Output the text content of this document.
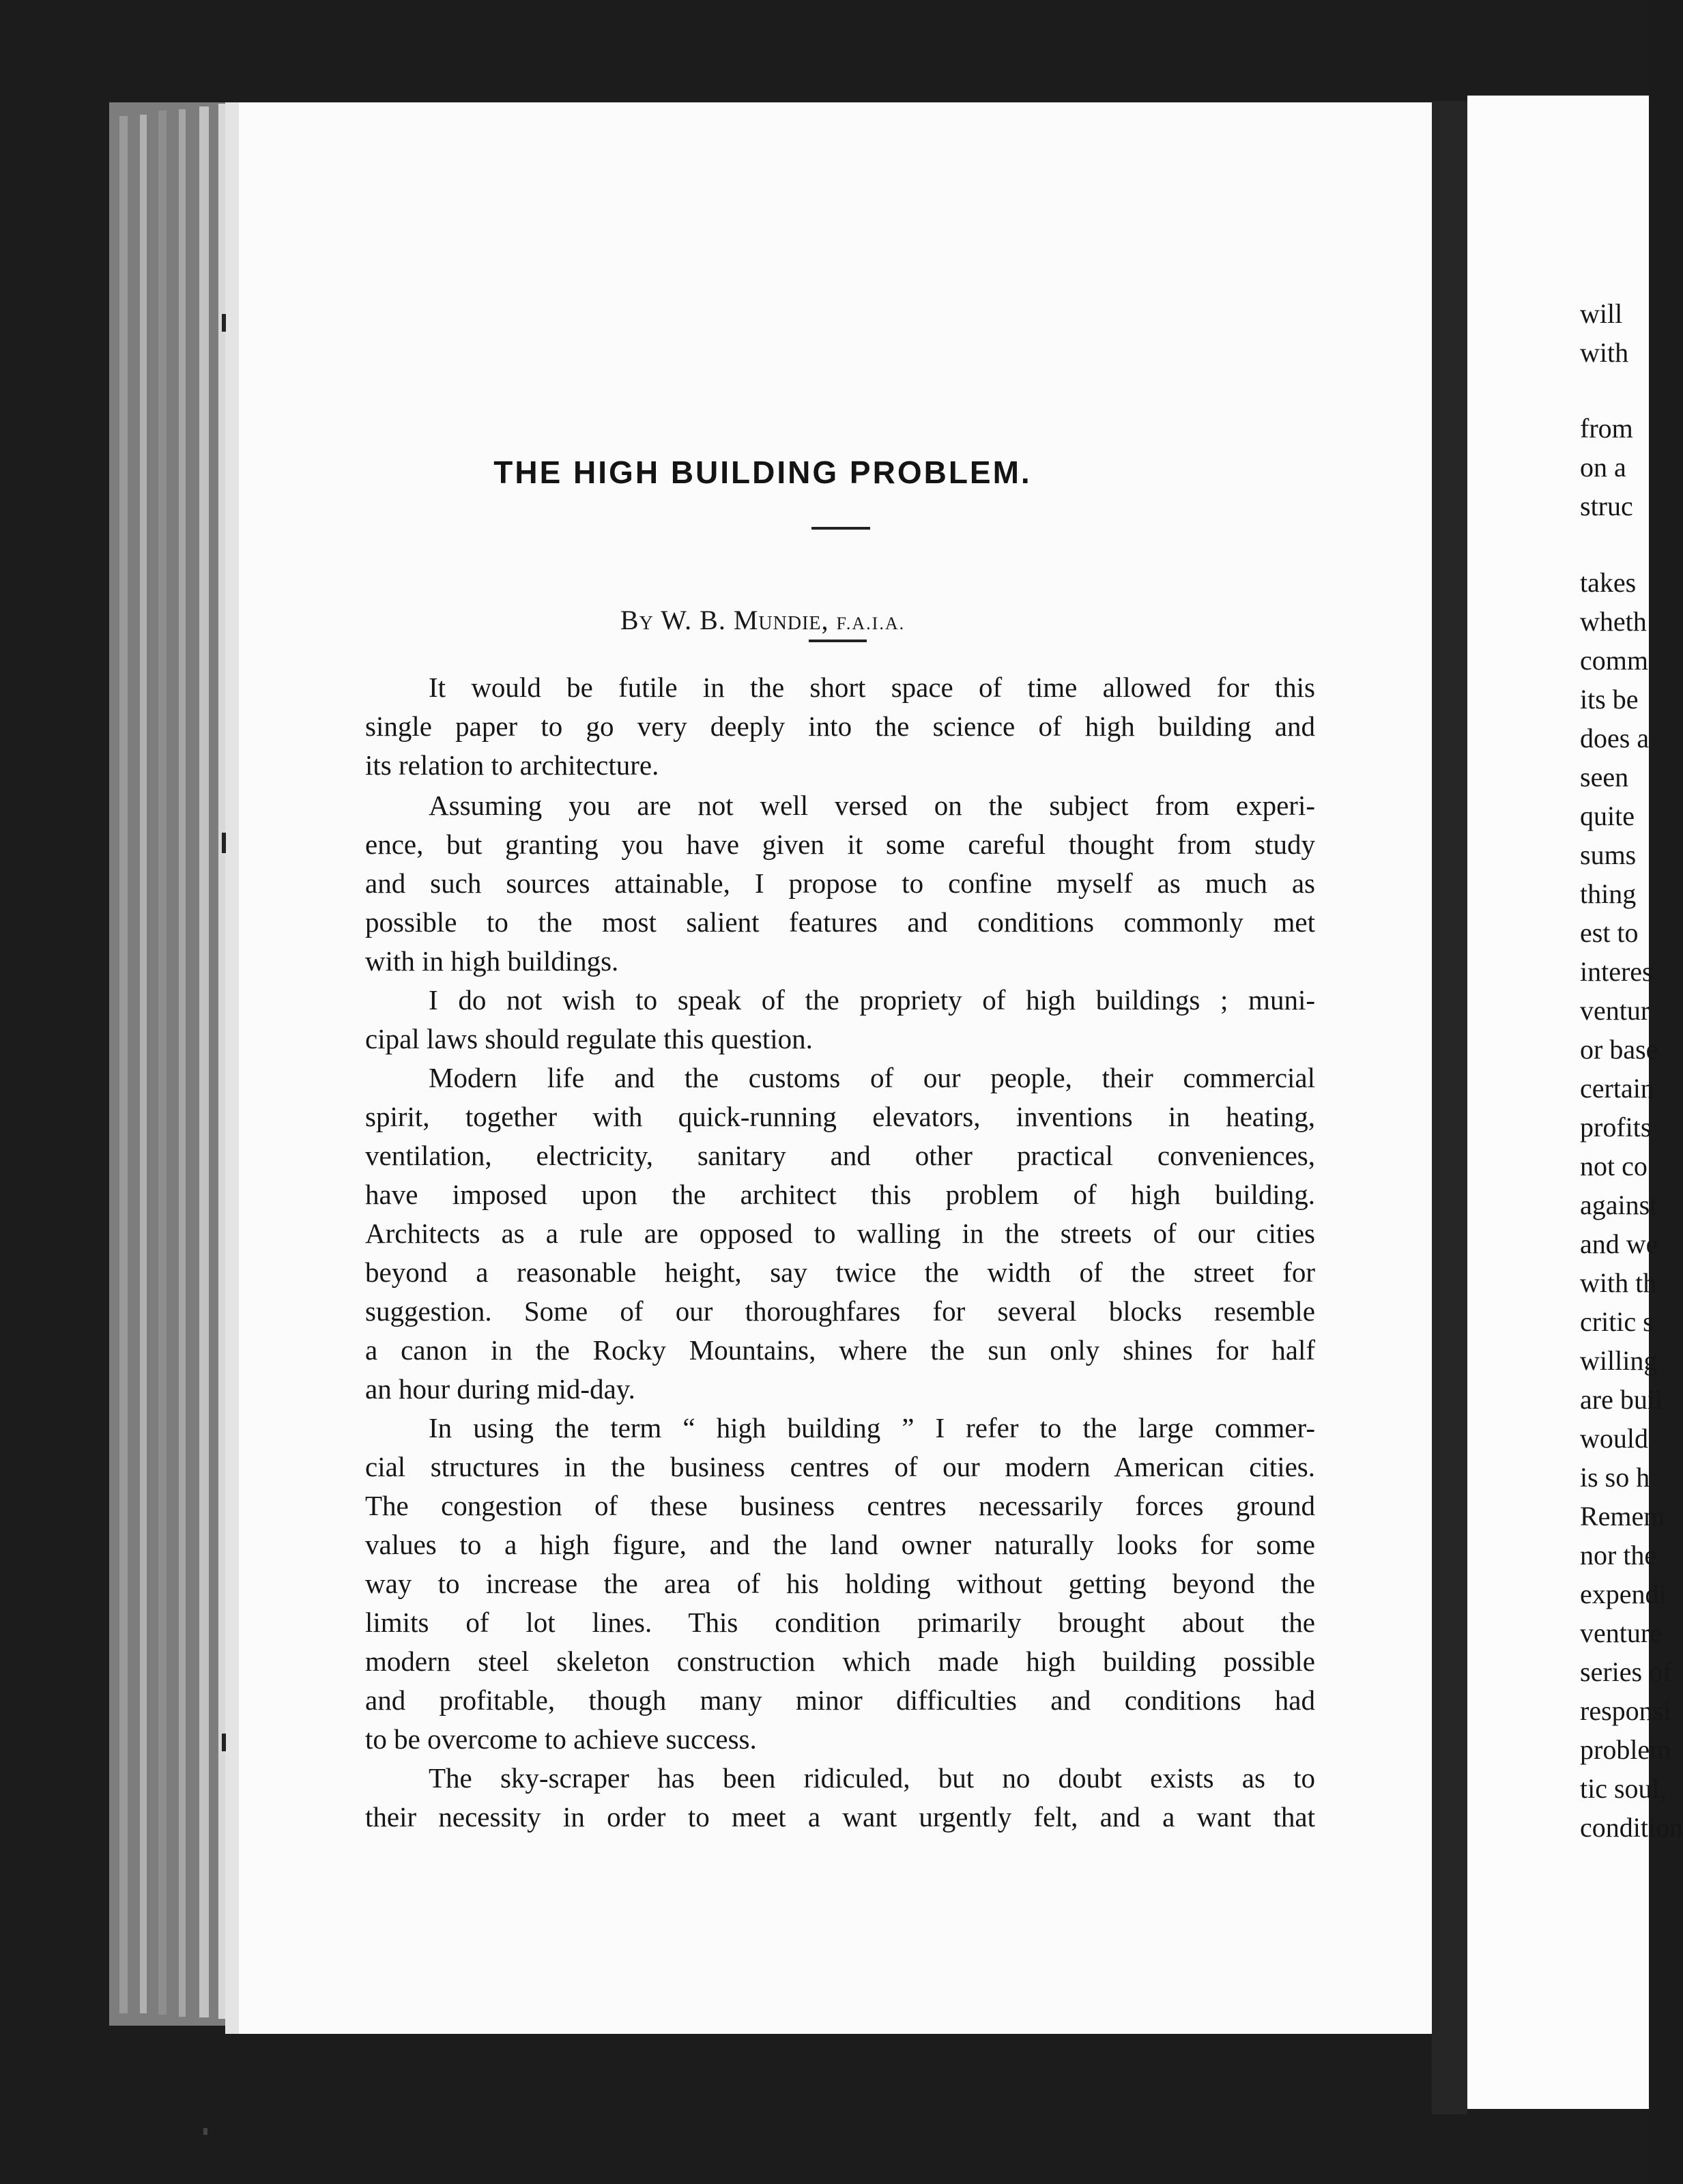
THE HIGH BUILDING PROBLEM.
By W. B. Mundie, F.A.I.A.
It would be futile in the short space of time allowed for this
single paper to go very deeply into the science of high building and
its relation to architecture.
Assuming you are not well versed on the subject from experi-
ence, but granting you have given it some careful thought from study
and such sources attainable, I propose to confine myself as much as
possible to the most salient features and conditions commonly met
with in high buildings.
I do not wish to speak of the propriety of high buildings ; muni-
cipal laws should regulate this question.
Modern life and the customs of our people, their commercial
spirit, together with quick-running elevators, inventions in heating,
ventilation, electricity, sanitary and other practical conveniences,
have imposed upon the architect this problem of high building.
Architects as a rule are opposed to walling in the streets of our cities
beyond a reasonable height, say twice the width of the street for
suggestion. Some of our thoroughfares for several blocks resemble
a canon in the Rocky Mountains, where the sun only shines for half
an hour during mid-day.
In using the term “ high building ” I refer to the large commer-
cial structures in the business centres of our modern American cities.
The congestion of these business centres necessarily forces ground
values to a high figure, and the land owner naturally looks for some
way to increase the area of his holding without getting beyond the
limits of lot lines. This condition primarily brought about the
modern steel skeleton construction which made high building possible
and profitable, though many minor difficulties and conditions had
to be overcome to achieve success.
The sky-scraper has been ridiculed, but no doubt exists as to
their necessity in order to meet a want urgently felt, and a want that
will
with
from
on a
struc
takes
wheth
comm
its be
does a
seen
quite
sums
thing
est to
interes
ventur
or base
certain
profits
not co
against
and we
with th
critic s
willing
are buil
would
is so h
Remem
nor the
expendi
venture
series of
responsi
problem
tic soul,
condition
